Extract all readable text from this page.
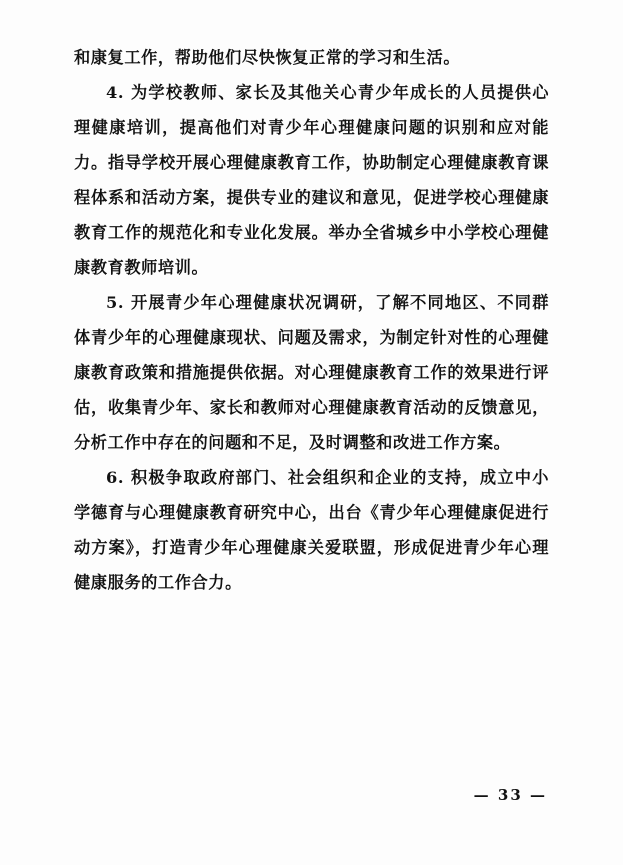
和康复工作，帮助他们尽快恢复正常的学习和生活。

4. 为学校教师、家长及其他关心青少年成长的人员提供心理健康培训，提高他们对青少年心理健康问题的识别和应对能力。指导学校开展心理健康教育工作，协助制定心理健康教育课程体系和活动方案，提供专业的建议和意见，促进学校心理健康教育工作的规范化和专业化发展。举办全省城乡中小学校心理健康教育教师培训。

5. 开展青少年心理健康状况调研，了解不同地区、不同群体青少年的心理健康现状、问题及需求，为制定针对性的心理健康教育政策和措施提供依据。对心理健康教育工作的效果进行评估，收集青少年、家长和教师对心理健康教育活动的反馈意见，分析工作中存在的问题和不足，及时调整和改进工作方案。

6. 积极争取政府部门、社会组织和企业的支持，成立中小学德育与心理健康教育研究中心，出台《青少年心理健康促进行动方案》，打造青少年心理健康关爱联盟，形成促进青少年心理健康服务的工作合力。

— 33 —
